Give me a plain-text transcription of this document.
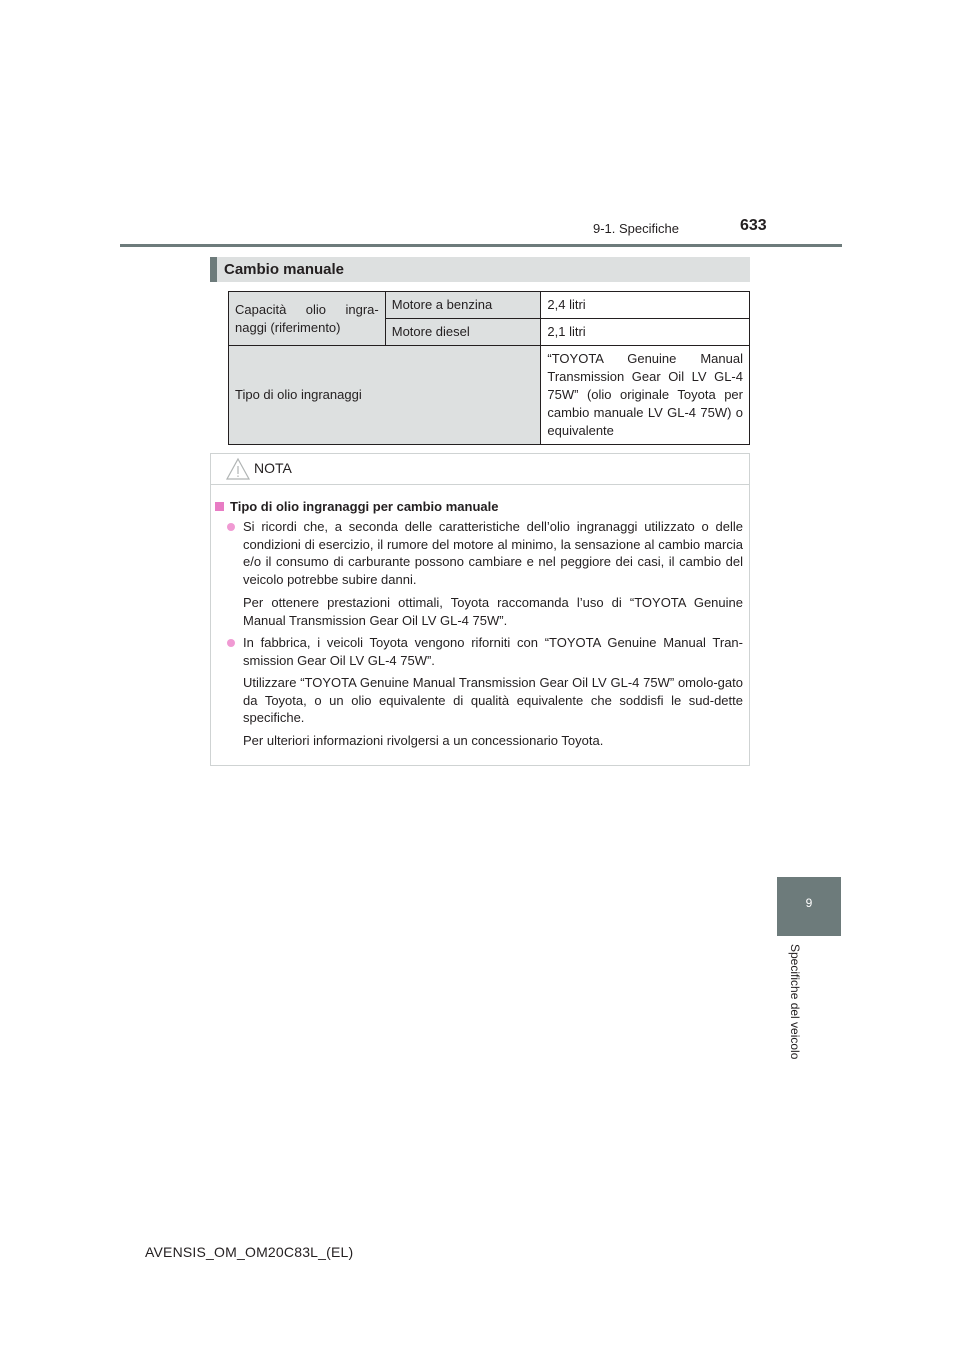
9-1. Specifiche	633
Cambio manuale
Capacità olio ingra-naggi (riferimento)	Motore a benzina	2,4 litri
	Motore diesel	2,1 litri
Tipo di olio ingranaggi		“TOYOTA Genuine Manual Transmission Gear Oil LV GL-4 75W” (olio originale Toyota per cambio manuale LV GL-4 75W) o equivalente
NOTA
Tipo di olio ingranaggi per cambio manuale
Si ricordi che, a seconda delle caratteristiche dell’olio ingranaggi utilizzato o delle condizioni di esercizio, il rumore del motore al minimo, la sensazione al cambio marcia e/o il consumo di carburante possono cambiare e nel peggiore dei casi, il cambio del veicolo potrebbe subire danni.
Per ottenere prestazioni ottimali, Toyota raccomanda l’uso di “TOYOTA Genuine Manual Transmission Gear Oil LV GL-4 75W”.
In fabbrica, i veicoli Toyota vengono riforniti con “TOYOTA Genuine Manual Tran-smission Gear Oil LV GL-4 75W”.
Utilizzare “TOYOTA Genuine Manual Transmission Gear Oil LV GL-4 75W” omolo-gato da Toyota, o un olio equivalente di qualità equivalente che soddisfi le sud-dette specifiche.
Per ulteriori informazioni rivolgersi a un concessionario Toyota.
9
Specifiche del veicolo
AVENSIS_OM_OM20C83L_(EL)
